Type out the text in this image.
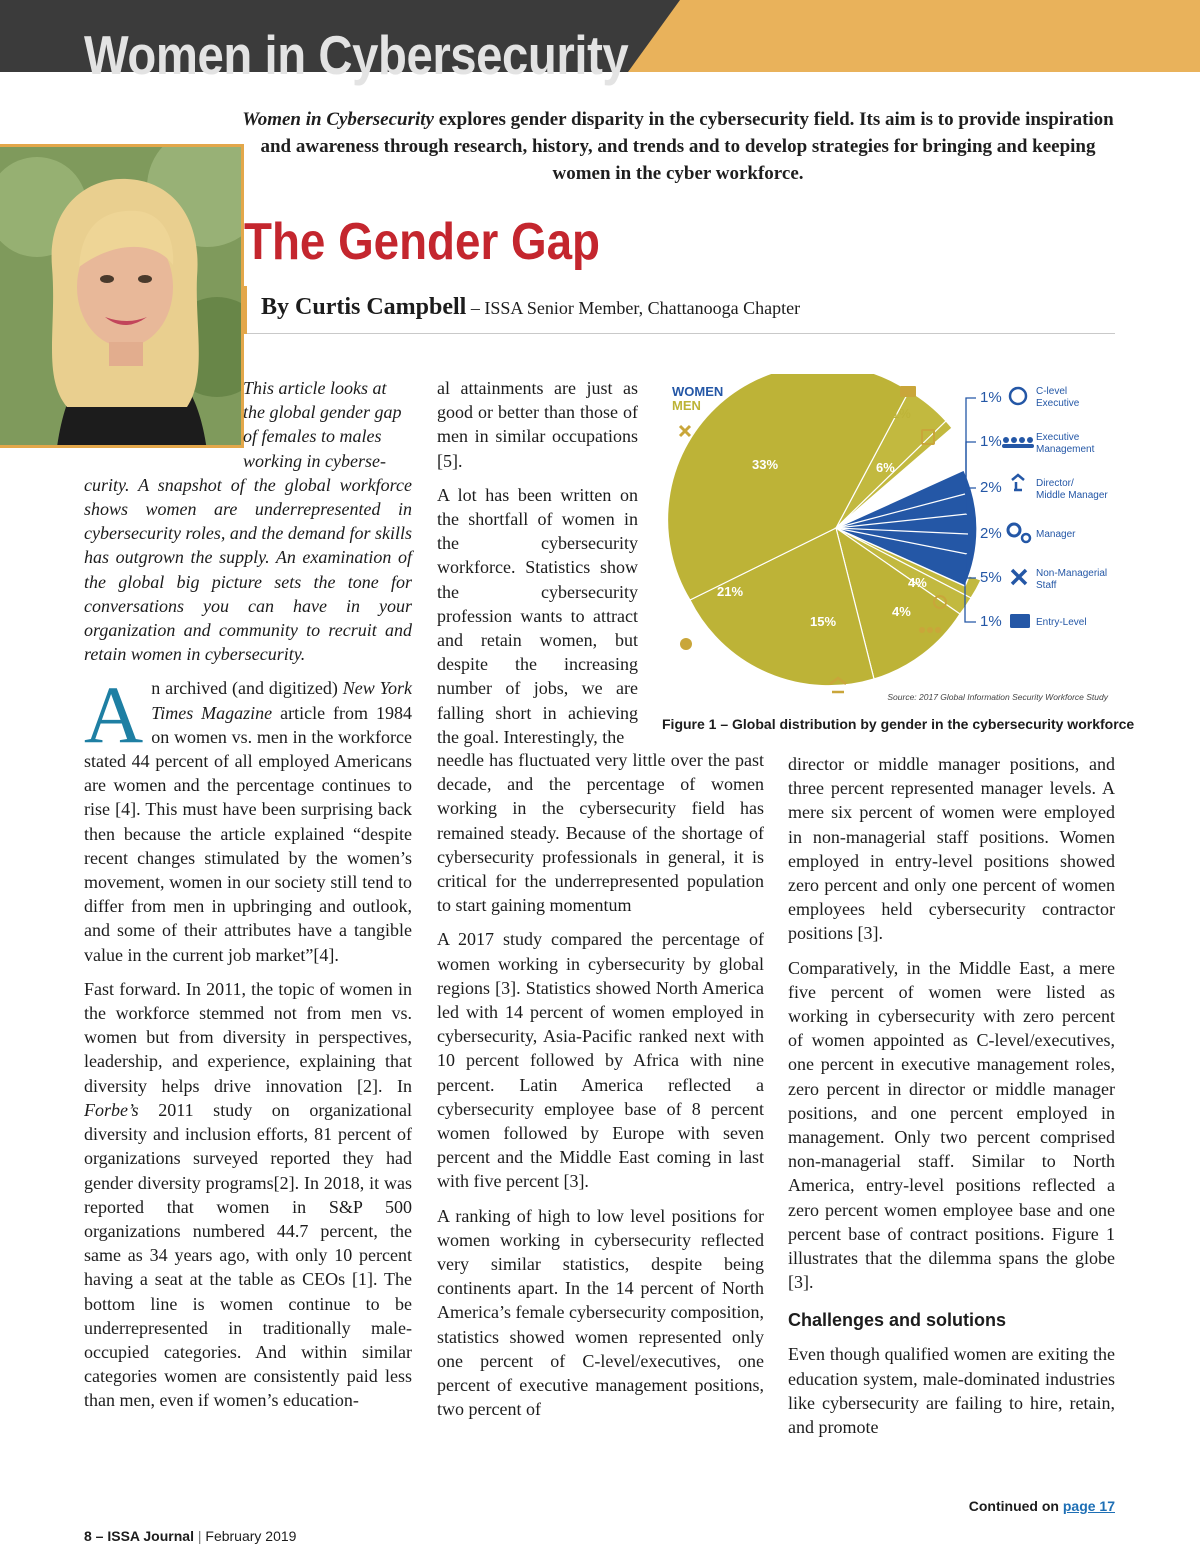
Women in Cybersecurity
Women in Cybersecurity explores gender disparity in the cybersecurity field. Its aim is to provide inspiration and awareness through research, history, and trends and to develop strategies for bringing and keeping women in the cyber workforce.
The Gender Gap
By Curtis Campbell – ISSA Senior Member, Chattanooga Chapter

This article looks at
the global gender gap
of females to males
working in cyberse-
curity. A snapshot of the global workforce shows women are underrepresented in cybersecurity roles, and the demand for skills has outgrown the supply. An examination of the global big picture sets the tone for conversations you can have in your organization and community to recruit and retain women in cybersecurity.

An archived (and digitized) New York Times Magazine article from 1984 on women vs. men in the workforce stated 44 percent of all employed Americans are women and the percentage continues to rise [4]. This must have been surprising back then because the article explained “despite recent changes stimulated by the women’s movement, women in our society still tend to differ from men in upbringing and outlook, and some of their attributes have a tangible value in the current job market”[4].

Fast forward. In 2011, the topic of women in the workforce stemmed not from men vs. women but from diversity in perspectives, leadership, and experience, explaining that diversity helps drive innovation [2]. In Forbe’s 2011 study on organizational diversity and inclusion efforts, 81 percent of organizations surveyed reported they had gender diversity programs[2]. In 2018, it was reported that women in S&P 500 organizations numbered 44.7 percent, the same as 34 years ago, with only 10 percent having a seat at the table as CEOs [1]. The bottom line is women continue to be underrepresented in traditionally male-occupied categories. And within similar categories women are consistently paid less than men, even if women’s education-

al attainments are just as good or better than those of men in similar occupations [5].

A lot has been written on the shortfall of women in the cybersecurity workforce. Statistics show the cybersecurity profession wants to attract and retain women, but despite the increasing number of jobs, we are falling short in achieving the goal. Interestingly, the

needle has fluctuated very little over the past decade, and the percentage of women working in the cybersecurity field has remained steady. Because of the shortage of cybersecurity professionals in general, it is critical for the underrepresented population to start gaining momentum

A 2017 study compared the percentage of women working in cybersecurity by global regions [3]. Statistics showed North America led with 14 percent of women employed in cybersecurity, Asia-Pacific ranked next with 10 percent followed by Africa with nine percent. Latin America reflected a cybersecurity employee base of 8 percent women followed by Europe with seven percent and the Middle East coming in last with five percent [3].

A ranking of high to low level positions for women working in cybersecurity reflected very similar statistics, despite being continents apart. In the 14 percent of North America’s female cybersecurity composition, statistics showed women represented only one percent of C-level/executives, one percent of executive management positions, two percent of

director or middle manager positions, and three percent represented manager levels. A mere six percent of women were employed in non-managerial staff positions. Women employed in entry-level positions showed zero percent and only one percent of women employees held cybersecurity contractor positions [3].

Comparatively, in the Middle East, a mere five percent of women were listed as working in cybersecurity with zero percent of women appointed as C-level/executives, one percent in executive management roles, zero percent in director or middle manager positions, and one percent employed in management. Only two percent comprised non-managerial staff. Similar to North America, entry-level positions reflected a zero percent women employee base and one percent base of contract positions. Figure 1 illustrates that the dilemma spans the globe [3].

Challenges and solutions

Even though qualified women are exiting the education system, male-dominated industries like cybersecurity are failing to hire, retain, and promote

Continued on page 17
WOMEN
MEN
33%	6%
21%
15%
4%
4%
1%
1%	C-level
Executive
1%	Executive
Management
2%	Director/
Middle Manager
2%	Manager
5%	Non-Managerial
Staff
1%	Entry-Level
Source: 2017 Global Information Security Workforce Study
Figure 1 – Global distribution by gender in the cybersecurity workforce
8 – ISSA Journal | February 2019
